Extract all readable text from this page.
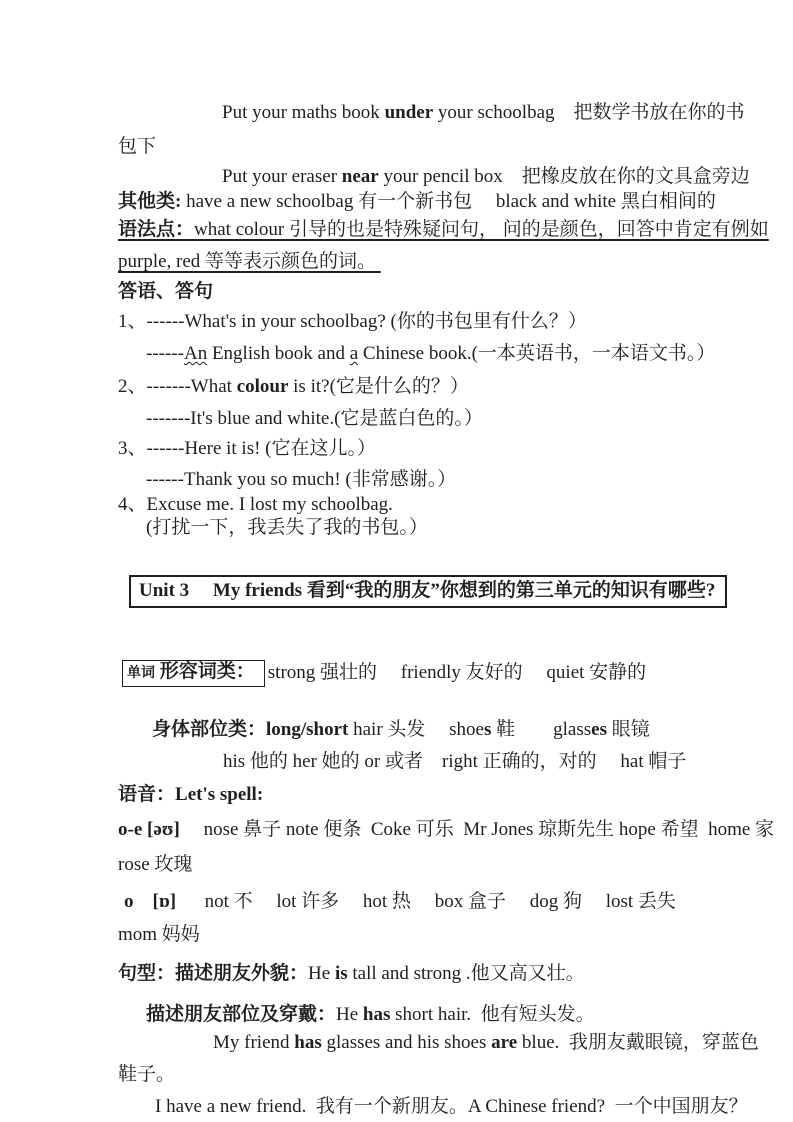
Put your maths book under your schoolbag　把数学书放在你的书
包下
Put your eraser near your pencil box　把橡皮放在你的文具盒旁边
其他类: have a new schoolbag 有一个新书包　 black and white 黑白相间的
语法点：what colour 引导的也是特殊疑问句， 问的是颜色，回答中肯定有例如
purple, red 等等表示颜色的词。
答语、答句
1、------What's in your schoolbag? (你的书包里有什么？）
------An English book and a Chinese book.(一本英语书，一本语文书。）
2、-------What colour is it?(它是什么的？）
-------It's blue and white.(它是蓝白色的。）
3、------Here it is! (它在这儿。）
------Thank you so much! (非常感谢。）
4、Excuse me. I lost my schoolbag.
(打扰一下，我丢失了我的书包。）

Unit 3　 My friends 看到“我的朋友”你想到的第三单元的知识有哪些?

单词 形容词类： strong 强壮的　 friendly 友好的　 quiet 安静的

身体部位类：long/short hair 头发　 shoes 鞋　　glasses 眼镜
his 他的 her 她的 or 或者　right 正确的，对的　 hat 帽子
语音：Let's spell:
o-e [əʊ]　 nose 鼻子 note 便条  Coke 可乐  Mr Jones 琼斯先生 hope 希望  home 家
rose 玫瑰
o　[ɒ]　  not 不　 lot 许多　 hot 热　 box 盒子　 dog 狗　 lost 丢失
mom 妈妈
句型：描述朋友外貌：He is tall and strong .他又高又壮。
描述朋友部位及穿戴：He has short hair.  他有短头发。
My friend has glasses and his shoes are blue.  我朋友戴眼镜，穿蓝色
鞋子。
I have a new friend.  我有一个新朋友。A Chinese friend?  一个中国朋友？
